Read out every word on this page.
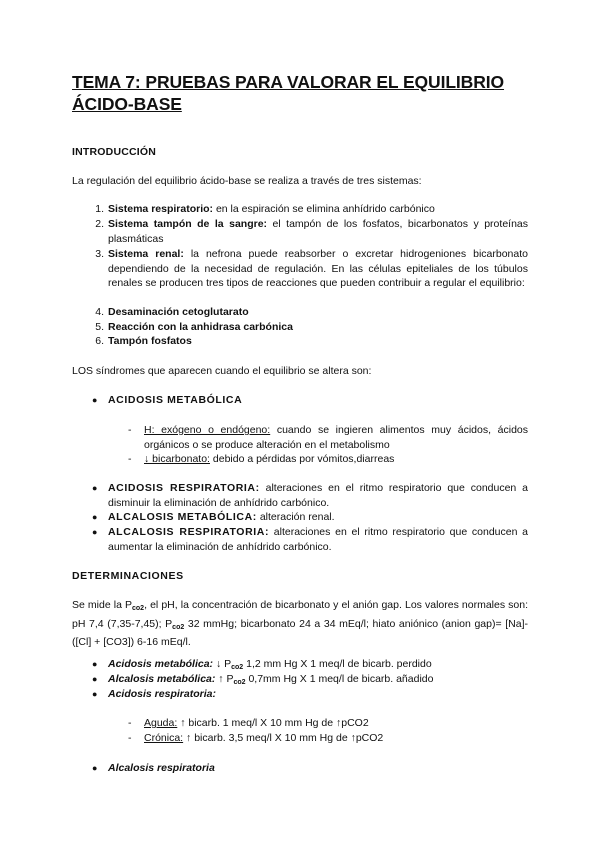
TEMA 7: PRUEBAS PARA VALORAR EL EQUILIBRIO ÁCIDO-BASE
INTRODUCCIÓN

La regulación del equilibrio ácido-base se realiza a través de tres sistemas:

1. Sistema respiratorio: en la espiración se elimina anhídrido carbónico
2. Sistema tampón de la sangre: el tampón de los fosfatos, bicarbonatos y proteínas plasmáticas
3. Sistema renal: la nefrona puede reabsorber o excretar hidrogeniones bicarbonato dependiendo de la necesidad de regulación. En las células epiteliales de los túbulos renales se producen tres tipos de reacciones que pueden contribuir a regular el equilibrio:
4. Desaminación cetoglutarato
5. Reacción con la anhidrasa carbónica
6. Tampón fosfatos

LOS síndromes que aparecen cuando el equilibrio se altera son:

● ACIDOSIS METABÓLICA
- H: exógeno o endógeno: cuando se ingieren alimentos muy ácidos, ácidos orgánicos o se produce alteración en el metabolismo
- ↓ bicarbonato: debido a pérdidas por vómitos,diarreas
● ACIDOSIS RESPIRATORIA: alteraciones en el ritmo respiratorio que conducen a disminuir la eliminación de anhídrido carbónico.
● ALCALOSIS METABÓLICA: alteración renal.
● ALCALOSIS RESPIRATORIA: alteraciones en el ritmo respiratorio que conducen a aumentar la eliminación de anhídrido carbónico.
DETERMINACIONES

Se mide la $P_{co2}$, el pH, la concentración de bicarbonato y el anión gap. Los valores normales son: pH 7,4 (7,35-7,45); $P_{co2}$ 32 mmHg; bicarbonato 24 a 34 mEq/l; hiato aniónico (anion gap)= [Na]- ([Cl] + [CO3]) 6-16 mEq/l.

● Acidosis metabólica: ↓ $P_{co2}$ 1,2 mm Hg X 1 meq/l de bicarb. perdido
● Alcalosis metabólica: ↑ $P_{co2}$ 0,7mm Hg X 1 meq/l de bicarb. añadido
● Acidosis respiratoria:
- Aguda: ↑ bicarb. 1 meq/l X 10 mm Hg de ↑pCO2
- Crónica: ↑ bicarb. 3,5 meq/l X 10 mm Hg de ↑pCO2
● Alcalosis respiratoria
